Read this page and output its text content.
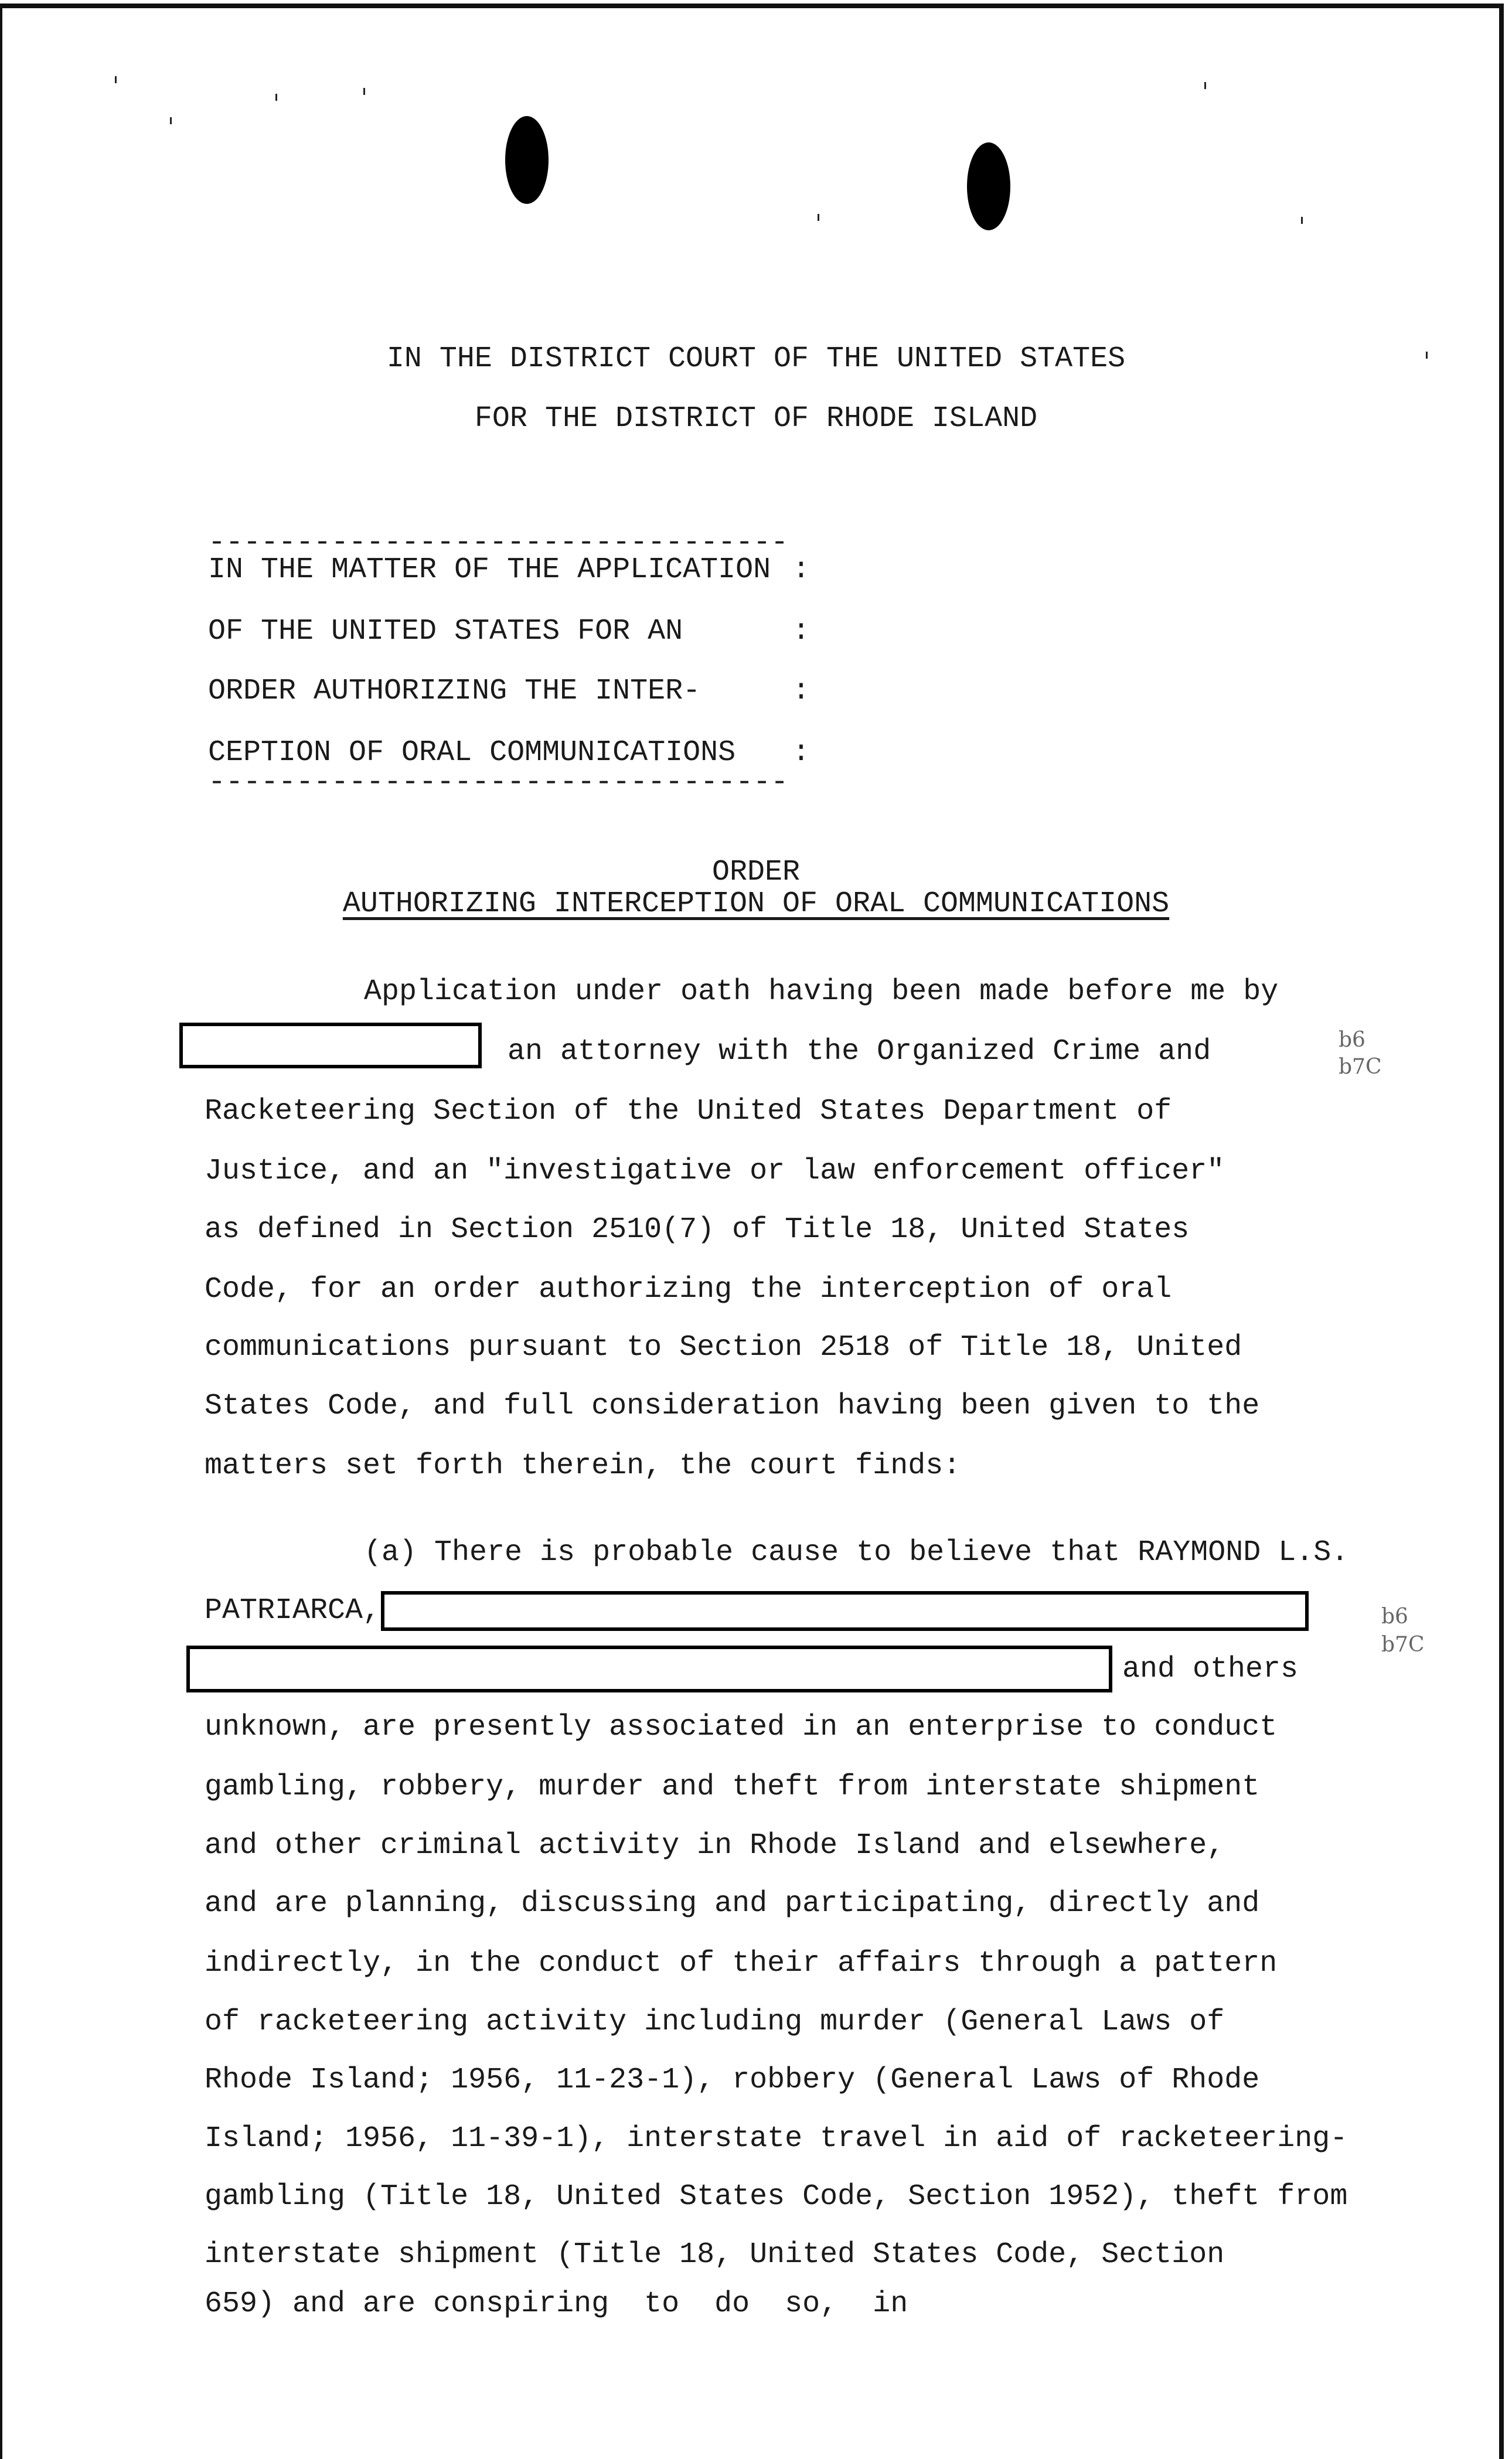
IN THE DISTRICT COURT OF THE UNITED STATES
FOR THE DISTRICT OF RHODE ISLAND
---------------------------------
IN THE MATTER OF THE APPLICATION
OF THE UNITED STATES FOR AN
ORDER AUTHORIZING THE INTER-
CEPTION OF ORAL COMMUNICATIONS
:
:
:
:
---------------------------------
ORDER
AUTHORIZING INTERCEPTION OF ORAL COMMUNICATIONS
Application under oath having been made before me by
an attorney with the Organized Crime and	b6
b7C
Racketeering Section of the United States Department of
Justice, and an "investigative or law enforcement officer"
as defined in Section 2510(7) of Title 18, United States
Code, for an order authorizing the interception of oral
communications pursuant to Section 2518 of Title 18, United
States Code, and full consideration having been given to the
matters set forth therein, the court finds:
(a) There is probable cause to believe that RAYMOND L.S.
PATRIARCA,
and others
b6
b7C
unknown, are presently associated in an enterprise to conduct
gambling, robbery, murder and theft from interstate shipment
and other criminal activity in Rhode Island and elsewhere,
and are planning, discussing and participating, directly and
indirectly, in the conduct of their affairs through a pattern
of racketeering activity including murder (General Laws of
Rhode Island; 1956, 11-23-1), robbery (General Laws of Rhode
Island; 1956, 11-39-1), interstate travel in aid of racketeering-
gambling (Title 18, United States Code, Section 1952), theft from
interstate shipment (Title 18, United States Code, Section
659) and are conspiring  to  do  so,  in
